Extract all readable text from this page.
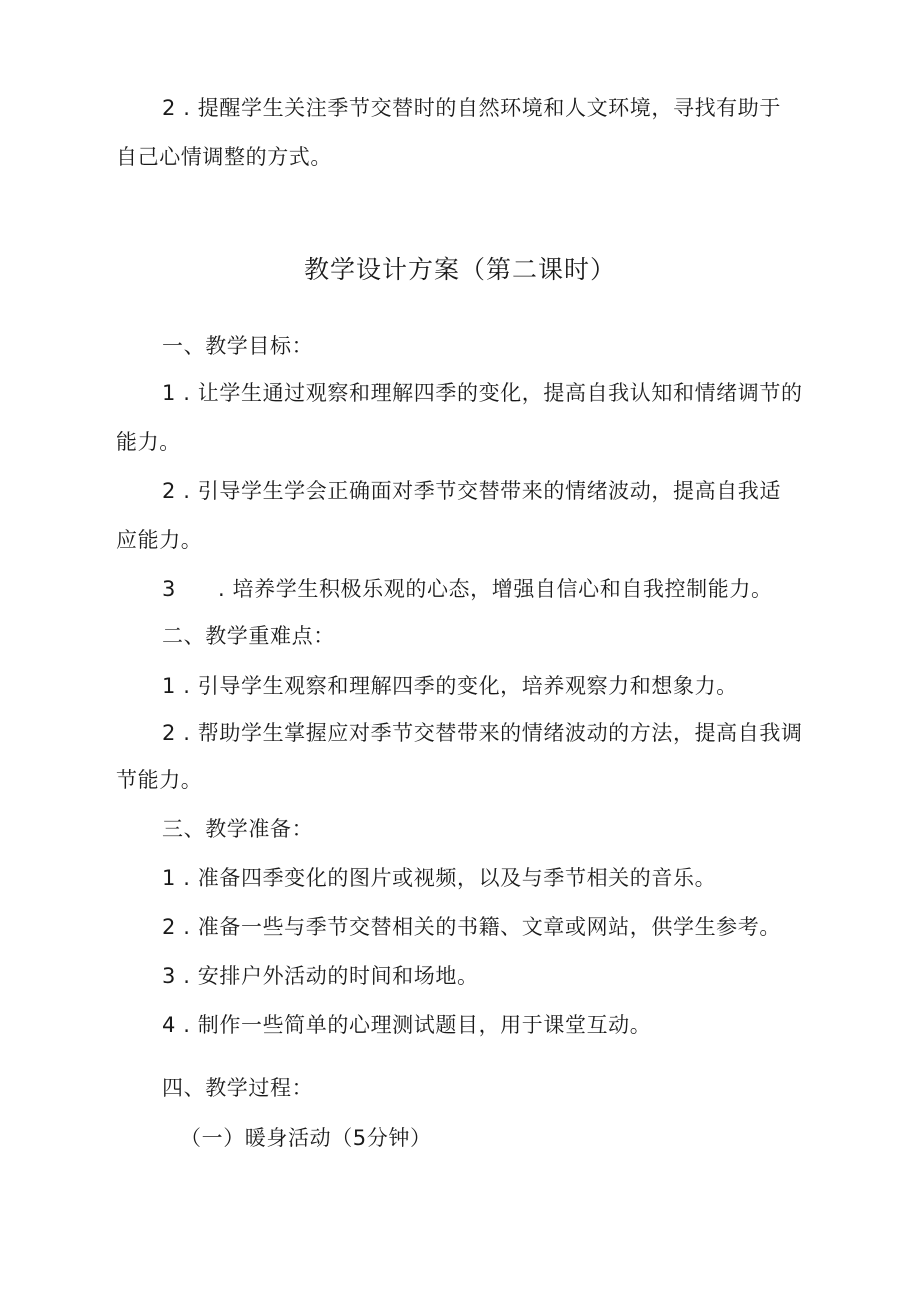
2 . 提醒学生关注季节交替时的自然环境和人文环境，寻找有助于
自己心情调整的方式。
教学设计方案（第二课时）
一、教学目标：
1 . 让学生通过观察和理解四季的变化，提高自我认知和情绪调节的
能力。
2 . 引导学生学会正确面对季节交替带来的情绪波动，提高自我适
应能力。
3 . 培养学生积极乐观的心态，增强自信心和自我控制能力。
二、教学重难点：
1 . 引导学生观察和理解四季的变化，培养观察力和想象力。
2 . 帮助学生掌握应对季节交替带来的情绪波动的方法，提高自我调
节能力。
三、教学准备：
1 . 准备四季变化的图片或视频，以及与季节相关的音乐。
2 . 准备一些与季节交替相关的书籍、文章或网站，供学生参考。
3 . 安排户外活动的时间和场地。
4 . 制作一些简单的心理测试题目，用于课堂互动。
四、教学过程：
（一）暖身活动（5分钟）
